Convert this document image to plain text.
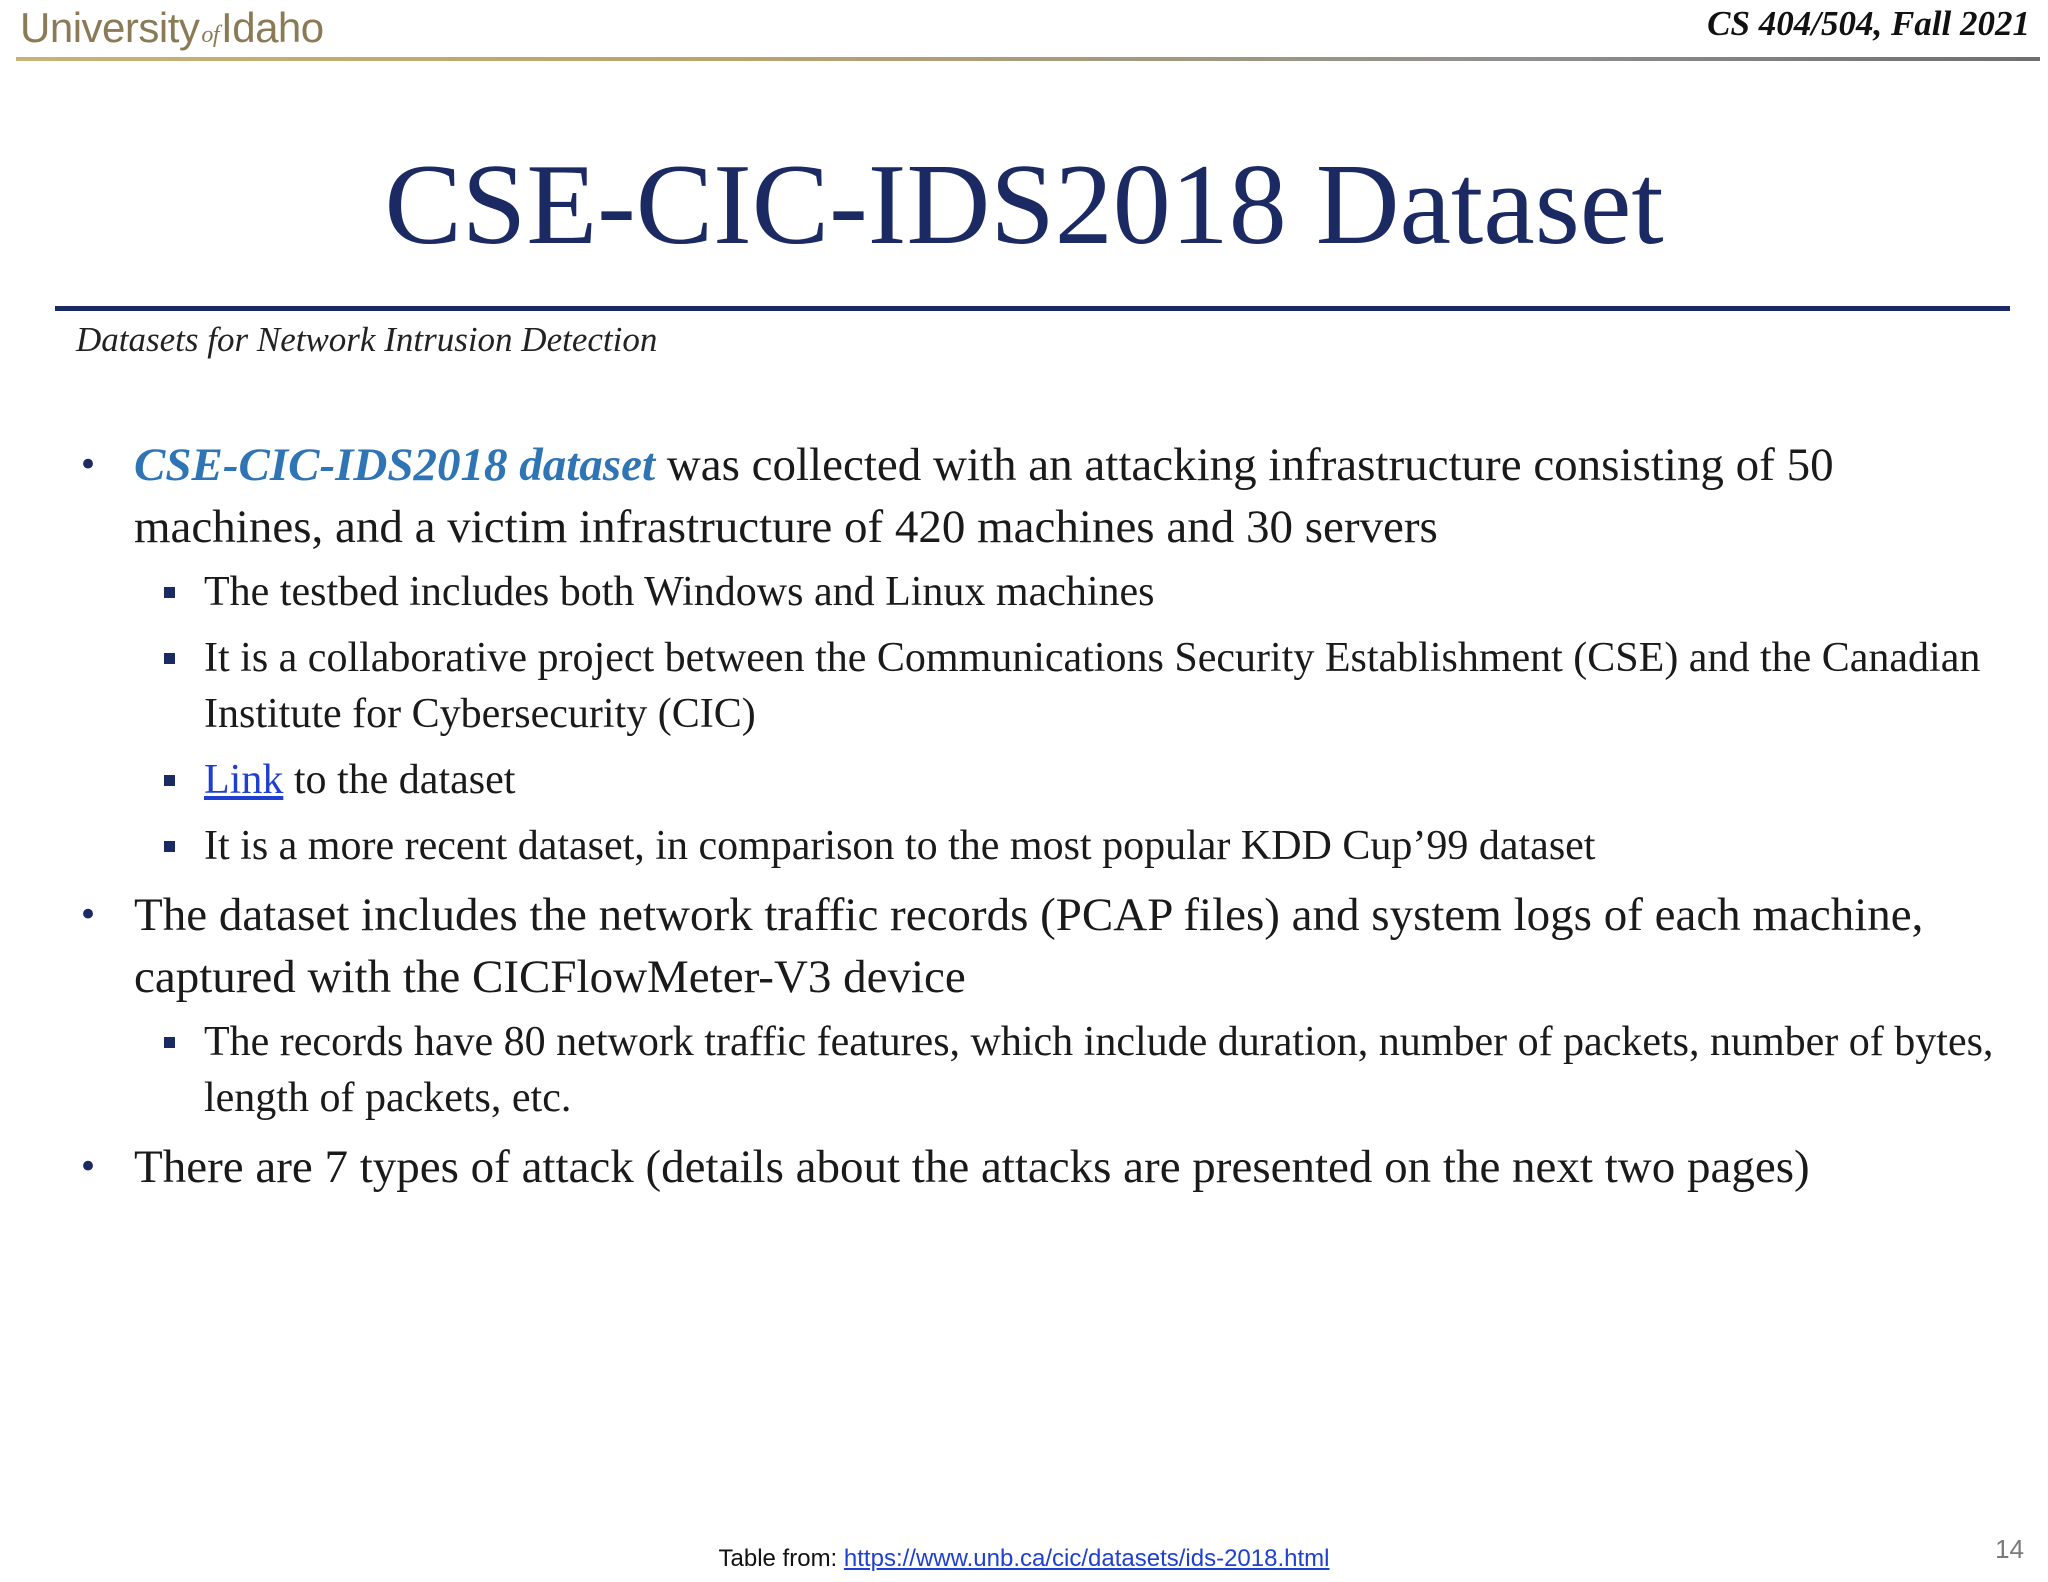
UniversityofIdaho	CS 404/504, Fall 2021
CSE-CIC-IDS2018 Dataset
Datasets for Network Intrusion Detection
• CSE-CIC-IDS2018 dataset was collected with an attacking infrastructure consisting of 50 machines, and a victim infrastructure of 420 machines and 30 servers
The testbed includes both Windows and Linux machines
It is a collaborative project between the Communications Security Establishment (CSE) and the Canadian Institute for Cybersecurity (CIC)
Link to the dataset
It is a more recent dataset, in comparison to the most popular KDD Cup’99 dataset
• The dataset includes the network traffic records (PCAP files) and system logs of each machine, captured with the CICFlowMeter-V3 device
The records have 80 network traffic features, which include duration, number of packets, number of bytes, length of packets, etc.
• There are 7 types of attack (details about the attacks are presented on the next two pages)
Table from: https://www.unb.ca/cic/datasets/ids-2018.html	14
